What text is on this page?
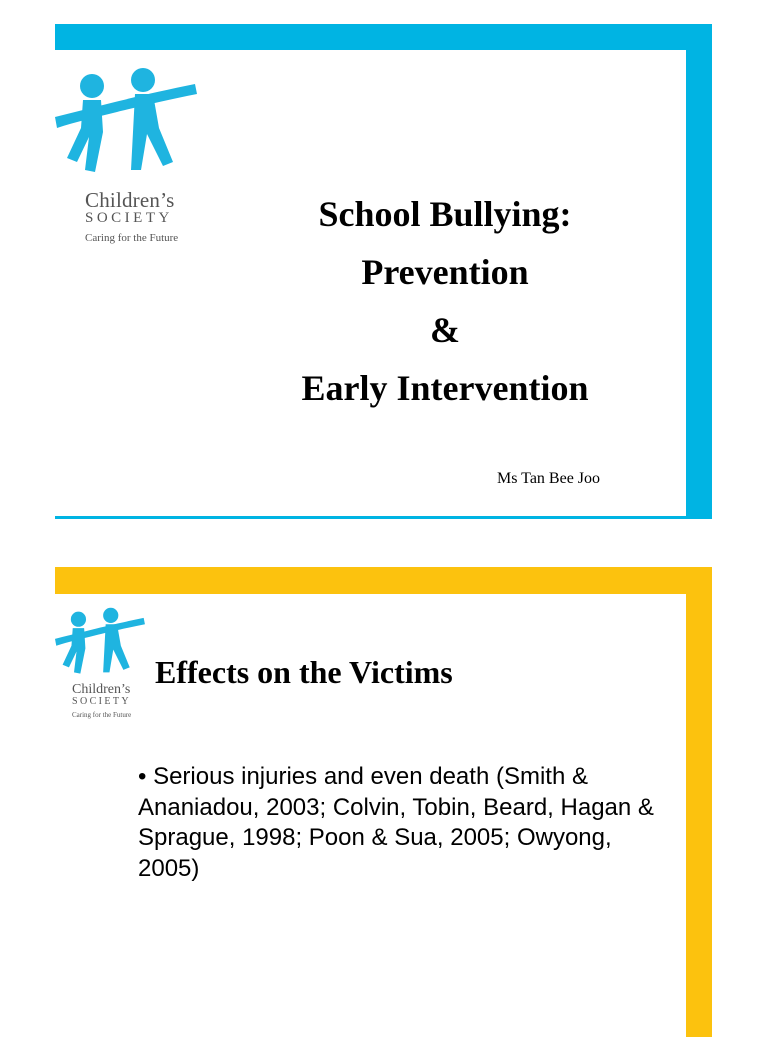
Children’s
SOCIETY
Caring for the Future
School Bullying:
Prevention
&
Early Intervention
Ms Tan Bee Joo
Children’s
SOCIETY
Caring for the Future
Effects on the Victims
• Serious injuries and even death (Smith & Ananiadou, 2003; Colvin, Tobin, Beard, Hagan & Sprague, 1998; Poon & Sua, 2005; Owyong, 2005)
